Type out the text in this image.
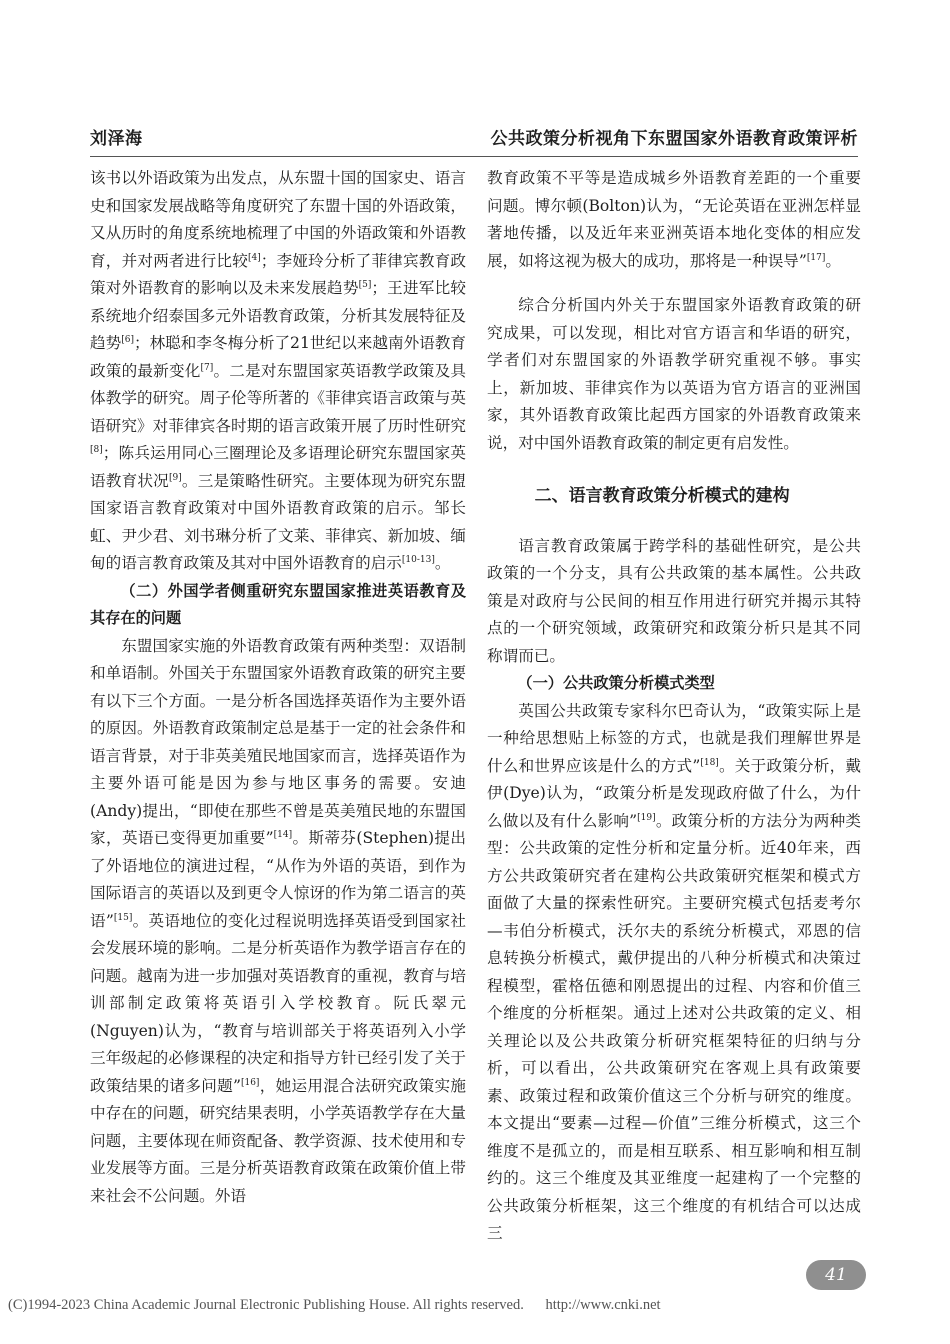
刘泽海	公共政策分析视角下东盟国家外语教育政策评析

该书以外语政策为出发点，从东盟十国的国家史、语言史和国家发展战略等角度研究了东盟十国的外语政策，又从历时的角度系统地梳理了中国的外语政策和外语教育，并对两者进行比较[4]；李娅玲分析了菲律宾教育政策对外语教育的影响以及未来发展趋势[5]；王进军比较系统地介绍泰国多元外语教育政策，分析其发展特征及趋势[6]；林聪和李冬梅分析了21世纪以来越南外语教育政策的最新变化[7]。二是对东盟国家英语教学政策及具体教学的研究。周子伦等所著的《菲律宾语言政策与英语研究》对菲律宾各时期的语言政策开展了历时性研究[8]；陈兵运用同心三圈理论及多语理论研究东盟国家英语教育状况[9]。三是策略性研究。主要体现为研究东盟国家语言教育政策对中国外语教育政策的启示。邹长虹、尹少君、刘书琳分析了文莱、菲律宾、新加坡、缅甸的语言教育政策及其对中国外语教育的启示[10-13]。

（二）外国学者侧重研究东盟国家推进英语教育及其存在的问题

东盟国家实施的外语教育政策有两种类型：双语制和单语制。外国关于东盟国家外语教育政策的研究主要有以下三个方面。一是分析各国选择英语作为主要外语的原因。外语教育政策制定总是基于一定的社会条件和语言背景，对于非英美殖民地国家而言，选择英语作为主要外语可能是因为参与地区事务的需要。安迪(Andy)提出，“即使在那些不曾是英美殖民地的东盟国家，英语已变得更加重要”[14]。斯蒂芬(Stephen)提出了外语地位的演进过程，“从作为外语的英语，到作为国际语言的英语以及到更令人惊讶的作为第二语言的英语”[15]。英语地位的变化过程说明选择英语受到国家社会发展环境的影响。二是分析英语作为教学语言存在的问题。越南为进一步加强对英语教育的重视，教育与培训部制定政策将英语引入学校教育。阮氏翠元(Nguyen)认为，“教育与培训部关于将英语列入小学三年级起的必修课程的决定和指导方针已经引发了关于政策结果的诸多问题”[16]，她运用混合法研究政策实施中存在的问题，研究结果表明，小学英语教学存在大量问题，主要体现在师资配备、教学资源、技术使用和专业发展等方面。三是分析英语教育政策在政策价值上带来社会不公问题。外语

教育政策不平等是造成城乡外语教育差距的一个重要问题。博尔顿(Bolton)认为，“无论英语在亚洲怎样显著地传播，以及近年来亚洲英语本地化变体的相应发展，如将这视为极大的成功，那将是一种误导”[17]。

综合分析国内外关于东盟国家外语教育政策的研究成果，可以发现，相比对官方语言和华语的研究，学者们对东盟国家的外语教学研究重视不够。事实上，新加坡、菲律宾作为以英语为官方语言的亚洲国家，其外语教育政策比起西方国家的外语教育政策来说，对中国外语教育政策的制定更有启发性。

二、语言教育政策分析模式的建构

语言教育政策属于跨学科的基础性研究，是公共政策的一个分支，具有公共政策的基本属性。公共政策是对政府与公民间的相互作用进行研究并揭示其特点的一个研究领域，政策研究和政策分析只是其不同称谓而已。

（一）公共政策分析模式类型

英国公共政策专家科尔巴奇认为，“政策实际上是一种给思想贴上标签的方式，也就是我们理解世界是什么和世界应该是什么的方式”[18]。关于政策分析，戴伊(Dye)认为，“政策分析是发现政府做了什么，为什么做以及有什么影响”[19]。政策分析的方法分为两种类型：公共政策的定性分析和定量分析。近40年来，西方公共政策研究者在建构公共政策研究框架和模式方面做了大量的探索性研究。主要研究模式包括麦考尔—韦伯分析模式，沃尔夫的系统分析模式，邓恩的信息转换分析模式，戴伊提出的八种分析模式和决策过程模型，霍格伍德和刚恩提出的过程、内容和价值三个维度的分析框架。通过上述对公共政策的定义、相关理论以及公共政策分析研究框架特征的归纳与分析，可以看出，公共政策研究在客观上具有政策要素、政策过程和政策价值这三个分析与研究的维度。本文提出“要素—过程—价值”三维分析模式，这三个维度不是孤立的，而是相互联系、相互影响和相互制约的。这三个维度及其亚维度一起建构了一个完整的公共政策分析框架，这三个维度的有机结合可以达成三

41
(C)1994-2023 China Academic Journal Electronic Publishing House. All rights reserved. http://www.cnki.net
